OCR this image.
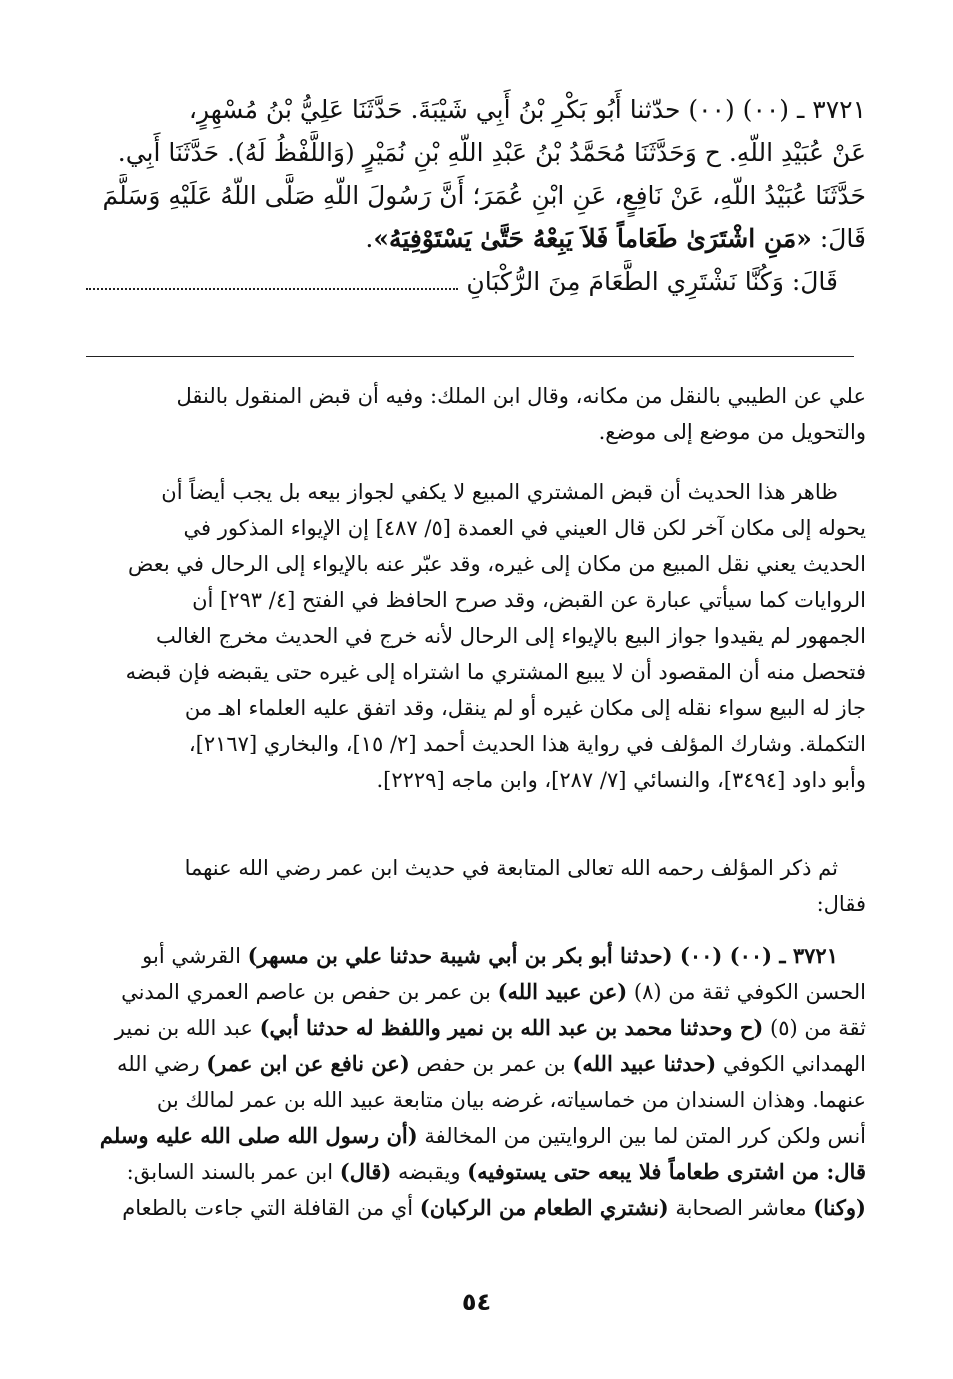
٣٧٢١ ـ (٠٠) (٠٠) حدّثنا أَبُو بَكْرِ بْنُ أَبِي شَيْبَةَ. حَدَّثَنَا عَلِيُّ بْنُ مُسْهِرٍ،
عَنْ عُبَيْدِ اللّهِ. ح وَحَدَّثَنَا مُحَمَّدُ بْنُ عَبْدِ اللّهِ بْنِ نُمَيْرٍ (وَاللَّفْظُ لَهُ). حَدَّثَنَا أَبِي.
حَدَّثَنَا عُبَيْدُ اللّهِ، عَنْ نَافِعٍ، عَنِ ابْنِ عُمَرَ؛ أَنَّ رَسُولَ اللّهِ صَلَّى اللّهُ عَلَيْهِ وَسَلَّمَ
قَالَ: «مَنِ اشْتَرَىٰ طَعَاماً فَلاَ يَبِعْهُ حَتَّىٰ يَسْتَوْفِيَهُ».
قَالَ: وَكُنَّا نَشْتَرِي الطَّعَامَ مِنَ الرُّكْبَانِ
علي عن الطيبي بالنقل من مكانه، وقال ابن الملك: وفيه أن قبض المنقول بالنقل
والتحويل من موضع إلى موضع.
ظاهر هذا الحديث أن قبض المشتري المبيع لا يكفي لجواز بيعه بل يجب أيضاً أن
يحوله إلى مكان آخر لكن قال العيني في العمدة [٥/ ٤٨٧] إن الإيواء المذكور في
الحديث يعني نقل المبيع من مكان إلى غيره، وقد عبّر عنه بالإيواء إلى الرحال في بعض
الروايات كما سيأتي عبارة عن القبض، وقد صرح الحافظ في الفتح [٤/ ٢٩٣] أن
الجمهور لم يقيدوا جواز البيع بالإيواء إلى الرحال لأنه خرج في الحديث مخرج الغالب
فتحصل منه أن المقصود أن لا يبيع المشتري ما اشتراه إلى غيره حتى يقبضه فإن قبضه
جاز له البيع سواء نقله إلى مكان غيره أو لم ينقل، وقد اتفق عليه العلماء اهـ من
التكملة. وشارك المؤلف في رواية هذا الحديث أحمد [٢/ ١٥]، والبخاري [٢١٦٧]،
وأبو داود [٣٤٩٤]، والنسائي [٧/ ٢٨٧]، وابن ماجه [٢٢٢٩].
ثم ذكر المؤلف رحمه الله تعالى المتابعة في حديث ابن عمر رضي الله عنهما
فقال:
٣٧٢١ ـ (٠٠) (٠٠) (حدثنا أبو بكر بن أبي شيبة حدثنا علي بن مسهر) القرشي أبو
الحسن الكوفي ثقة من (٨) (عن عبيد الله) بن عمر بن حفص بن عاصم العمري المدني
ثقة من (٥) (ح وحدثنا محمد بن عبد الله بن نمير واللفظ له حدثنا أبي) عبد الله بن نمير
الهمداني الكوفي (حدثنا عبيد الله) بن عمر بن حفص (عن نافع عن ابن عمر) رضي الله
عنهما. وهذان السندان من خماسياته، غرضه بيان متابعة عبيد الله بن عمر لمالك بن
أنس ولكن كرر المتن لما بين الروايتين من المخالفة (أن رسول الله صلى الله عليه وسلم
قال: من اشترى طعاماً فلا يبعه حتى يستوفيه) ويقبضه (قال) ابن عمر بالسند السابق:
(وكنا) معاشر الصحابة (نشتري الطعام من الركبان) أي من القافلة التي جاءت بالطعام
٥٤
